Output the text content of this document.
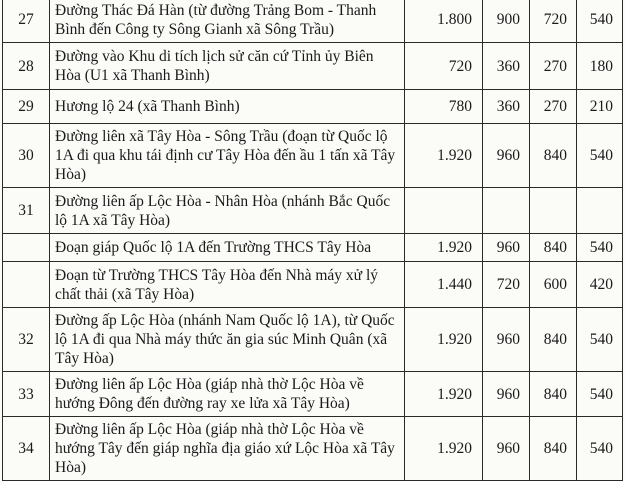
27	Đường Thác Đá Hàn (từ đường Trảng Bom - Thanh Bình đến Công ty Sông Gianh xã Sông Trầu)	1.800	900	720	540
28	Đường vào Khu di tích lịch sử căn cứ Tỉnh ủy Biên Hòa (U1 xã Thanh Bình)	720	360	270	180
29	Hương lộ 24 (xã Thanh Bình)	780	360	270	210
30	Đường liên xã Tây Hòa - Sông Trầu (đoạn từ Quốc lộ 1A đi qua khu tái định cư Tây Hòa đến ầu 1 tấn xã Tây Hòa)	1.920	960	840	540
31	Đường liên ấp Lộc Hòa - Nhân Hòa (nhánh Bắc Quốc lộ 1A xã Tây Hòa)				
	Đoạn giáp Quốc lộ 1A đến Trường THCS Tây Hòa	1.920	960	840	540
	Đoạn từ Trường THCS Tây Hòa đến Nhà máy xử lý chất thải (xã Tây Hòa)	1.440	720	600	420
32	Đường ấp Lộc Hòa (nhánh Nam Quốc lộ 1A), từ Quốc lộ 1A đi qua Nhà máy thức ăn gia súc Minh Quân (xã Tây Hòa)	1.920	960	840	540
33	Đường liên ấp Lộc Hòa (giáp nhà thờ Lộc Hòa về hướng Đông đến đường ray xe lửa xã Tây Hòa)	1.920	960	840	540
34	Đường liên ấp Lộc Hòa (giáp nhà thờ Lộc Hòa về hướng Tây đến giáp nghĩa địa giáo xứ Lộc Hòa xã Tây Hòa)	1.920	960	840	540
